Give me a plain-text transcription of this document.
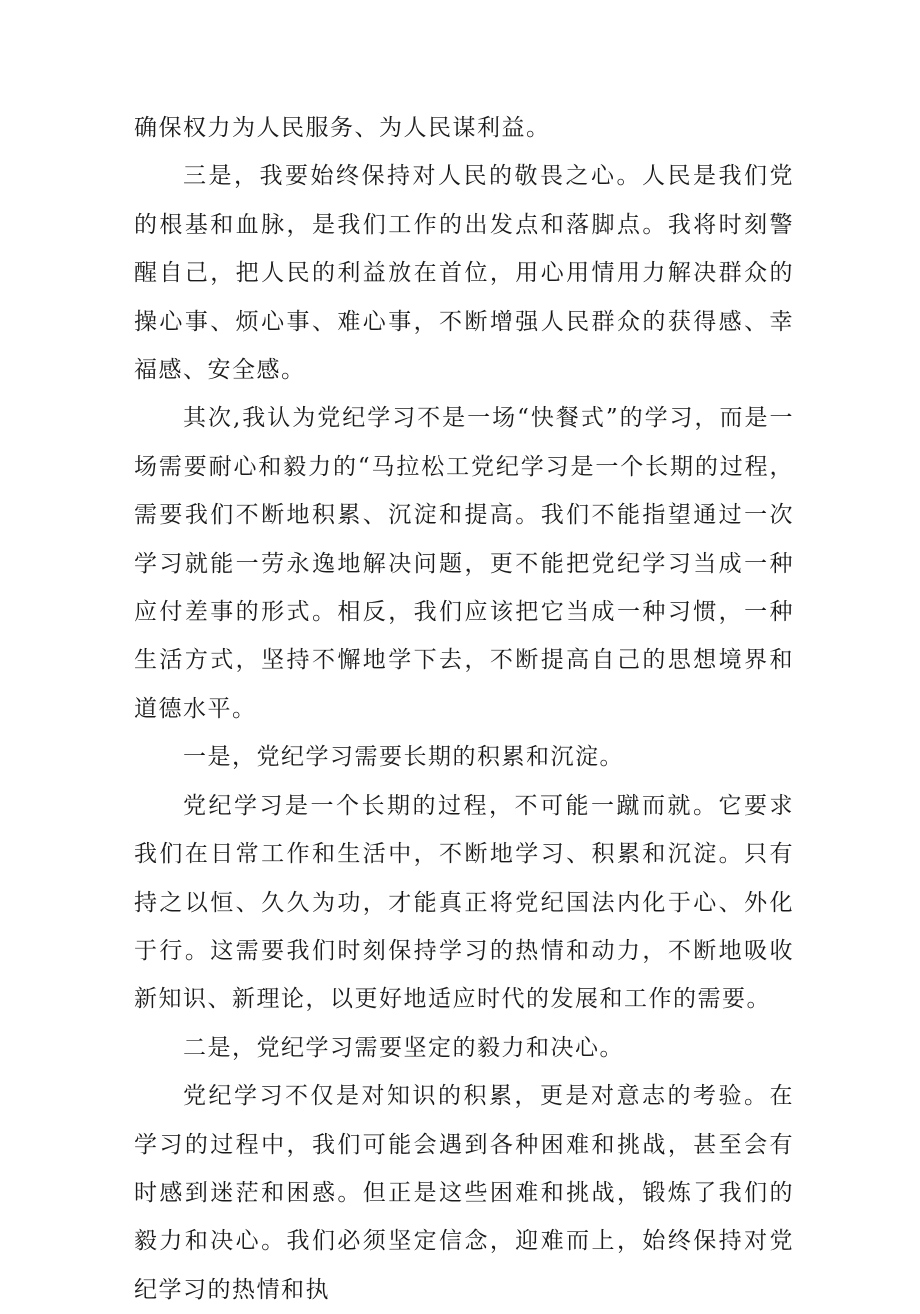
确保权力为人民服务、为人民谋利益。

三是，我要始终保持对人民的敬畏之心。人民是我们党的根基和血脉，是我们工作的出发点和落脚点。我将时刻警醒自己，把人民的利益放在首位，用心用情用力解决群众的操心事、烦心事、难心事，不断增强人民群众的获得感、幸福感、安全感。

其次,我认为党纪学习不是一场“快餐式”的学习，而是一场需要耐心和毅力的“马拉松工党纪学习是一个长期的过程，需要我们不断地积累、沉淀和提高。我们不能指望通过一次学习就能一劳永逸地解决问题，更不能把党纪学习当成一种应付差事的形式。相反，我们应该把它当成一种习惯，一种生活方式，坚持不懈地学下去，不断提高自己的思想境界和道德水平。

一是，党纪学习需要长期的积累和沉淀。

党纪学习是一个长期的过程，不可能一蹴而就。它要求我们在日常工作和生活中，不断地学习、积累和沉淀。只有持之以恒、久久为功，才能真正将党纪国法内化于心、外化于行。这需要我们时刻保持学习的热情和动力，不断地吸收新知识、新理论，以更好地适应时代的发展和工作的需要。

二是，党纪学习需要坚定的毅力和决心。

党纪学习不仅是对知识的积累，更是对意志的考验。在学习的过程中，我们可能会遇到各种困难和挑战，甚至会有时感到迷茫和困惑。但正是这些困难和挑战，锻炼了我们的毅力和决心。我们必须坚定信念，迎难而上，始终保持对党纪学习的热情和执
